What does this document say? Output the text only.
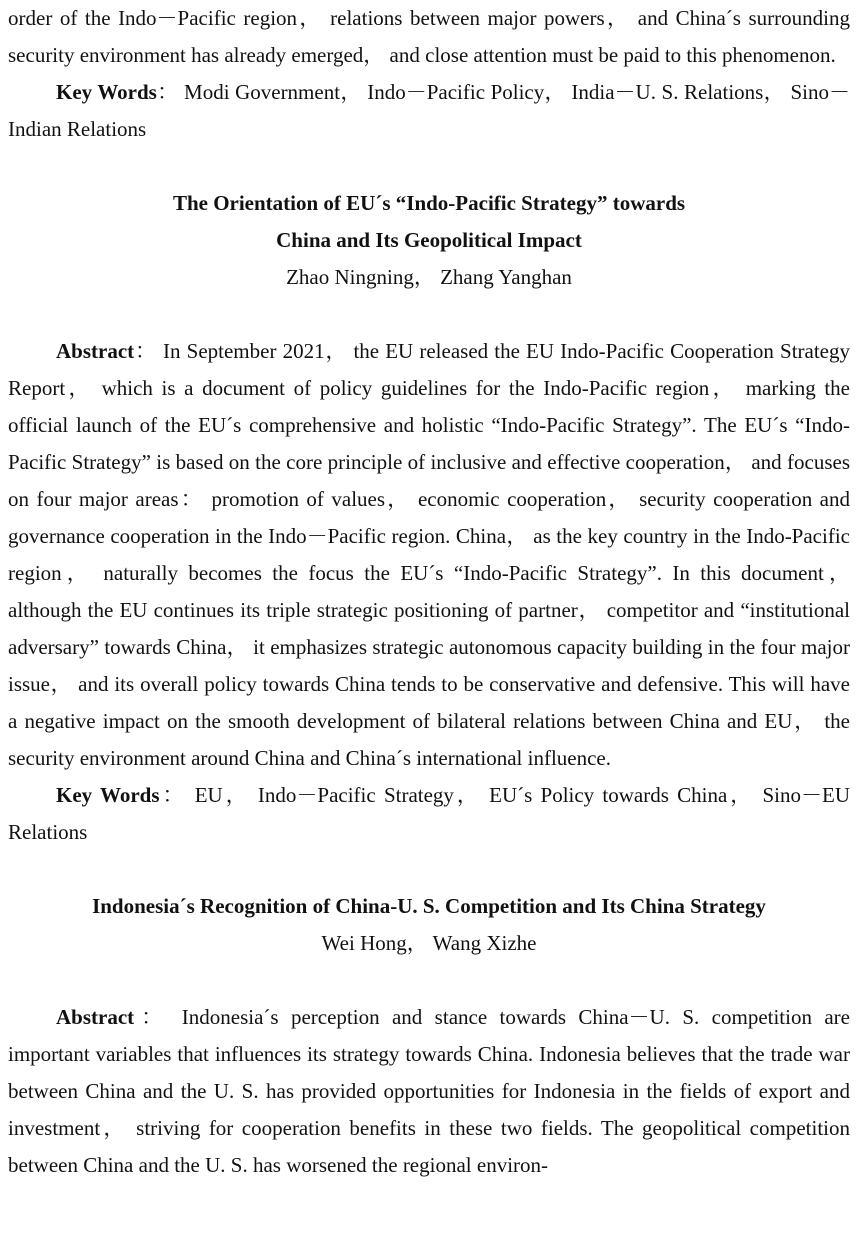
order of the Indo－Pacific region， relations between major powers， and China´s surrounding security environment has already emerged， and close attention must be paid to this phenomenon.

Key Words： Modi Government， Indo－Pacific Policy， India－U. S. Relations， Sino－Indian Relations

The Orientation of EU´s “Indo-Pacific Strategy” towards

China and Its Geopolitical Impact

Zhao Ningning， Zhang Yanghan

Abstract： In September 2021， the EU released the EU Indo-Pacific Cooperation Strategy Report， which is a document of policy guidelines for the Indo-Pacific region， marking the official launch of the EU´s comprehensive and holistic “Indo-Pacific Strategy”. The EU´s “Indo-Pacific Strategy” is based on the core principle of inclusive and effective cooperation， and focuses on four major areas： promotion of values， economic cooperation， security cooperation and governance cooperation in the Indo－Pacific region. China， as the key country in the Indo-Pacific region， naturally becomes the focus the EU´s “Indo-Pacific Strategy”. In this document， although the EU continues its triple strategic positioning of partner， competitor and “institutional adversary” towards China， it emphasizes strategic autonomous capacity building in the four major issue， and its overall policy towards China tends to be conservative and defensive. This will have a negative impact on the smooth development of bilateral relations between China and EU， the security environment around China and China´s international influence.

Key Words： EU， Indo－Pacific Strategy， EU´s Policy towards China， Sino－EU Relations

Indonesia´s Recognition of China-U. S. Competition and Its China Strategy

Wei Hong， Wang Xizhe

Abstract： Indonesia´s perception and stance towards China－U. S. competition are important variables that influences its strategy towards China. Indonesia believes that the trade war between China and the U. S. has provided opportunities for Indonesia in the fields of export and investment， striving for cooperation benefits in these two fields. The geopolitical competition between China and the U. S. has worsened the regional environ-
